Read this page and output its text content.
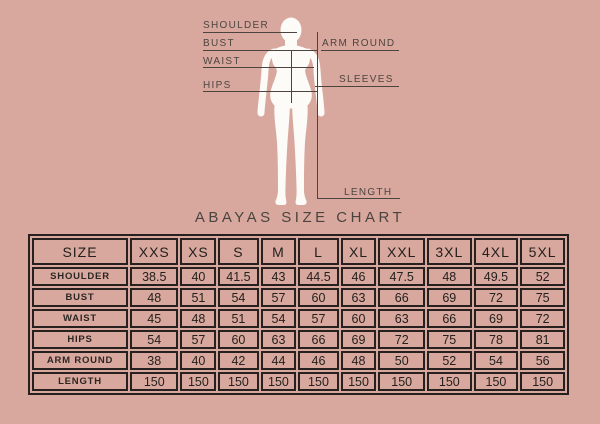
SHOULDER
BUST
WAIST
HIPS
ARM ROUND
SLEEVES
LENGTH
ABAYAS SIZE CHART
SIZE	XXS	XS	S	M	L	XL	XXL	3XL	4XL	5XL
SHOULDER	38.5	40	41.5	43	44.5	46	47.5	48	49.5	52
BUST	48	51	54	57	60	63	66	69	72	75
WAIST	45	48	51	54	57	60	63	66	69	72
HIPS	54	57	60	63	66	69	72	75	78	81
ARM ROUND	38	40	42	44	46	48	50	52	54	56
LENGTH	150	150	150	150	150	150	150	150	150	150
